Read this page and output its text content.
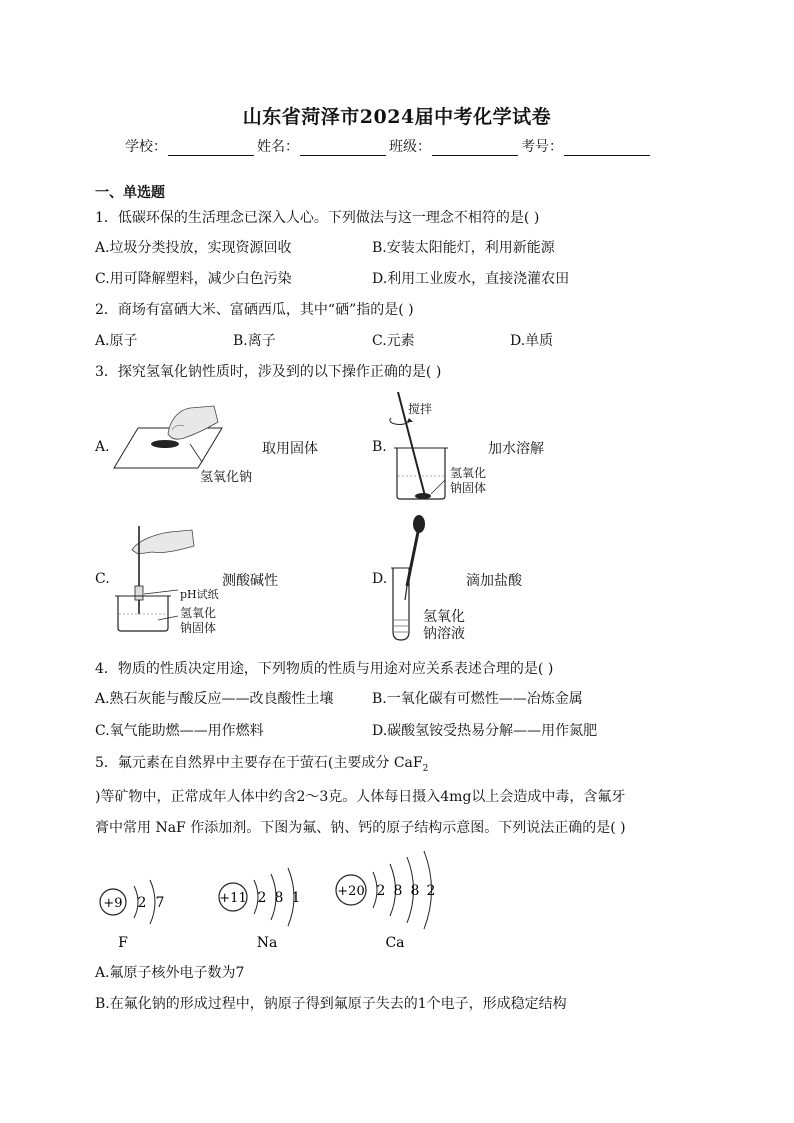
山东省菏泽市2024届中考化学试卷
学校：	姓名：	班级：	考号：
一、单选题
1．低碳环保的生活理念已深入人心。下列做法与这一理念不相符的是( )
A.垃圾分类投放，实现资源回收	B.安装太阳能灯，利用新能源
C.用可降解塑料，减少白色污染	D.利用工业废水，直接浇灌农田
2．商场有富硒大米、富硒西瓜，其中“硒”指的是( )
A.原子	B.离子	C.元素	D.单质
3．探究氢氧化钠性质时，涉及到的以下操作正确的是( )
A.
氢氧化钠
取用固体	B.
搅拌
氢氧化
钠固体
加水溶解
C.
pH试纸
氢氧化
钠固体
测酸碱性	D.
氢氧化
钠溶液
滴加盐酸
4．物质的性质决定用途，下列物质的性质与用途对应关系表述合理的是( )
A.熟石灰能与酸反应——改良酸性土壤	B.一氧化碳有可燃性——冶炼金属
C.氧气能助燃——用作燃料	D.碳酸氢铵受热易分解——用作氮肥
5．氟元素在自然界中主要存在于萤石(主要成分 CaF$_2$
)等矿物中，正常成年人体中约含2～3克。人体每日摄入4mg以上会造成中毒，含氟牙
膏中常用 NaF 作添加剂。下图为氟、钠、钙的原子结构示意图。下列说法正确的是( )
+9 2 7
F
+11 2 8 1
Na
+20 2 8 8 2
Ca
A.氟原子核外电子数为7
B.在氟化钠的形成过程中，钠原子得到氟原子失去的1个电子，形成稳定结构
